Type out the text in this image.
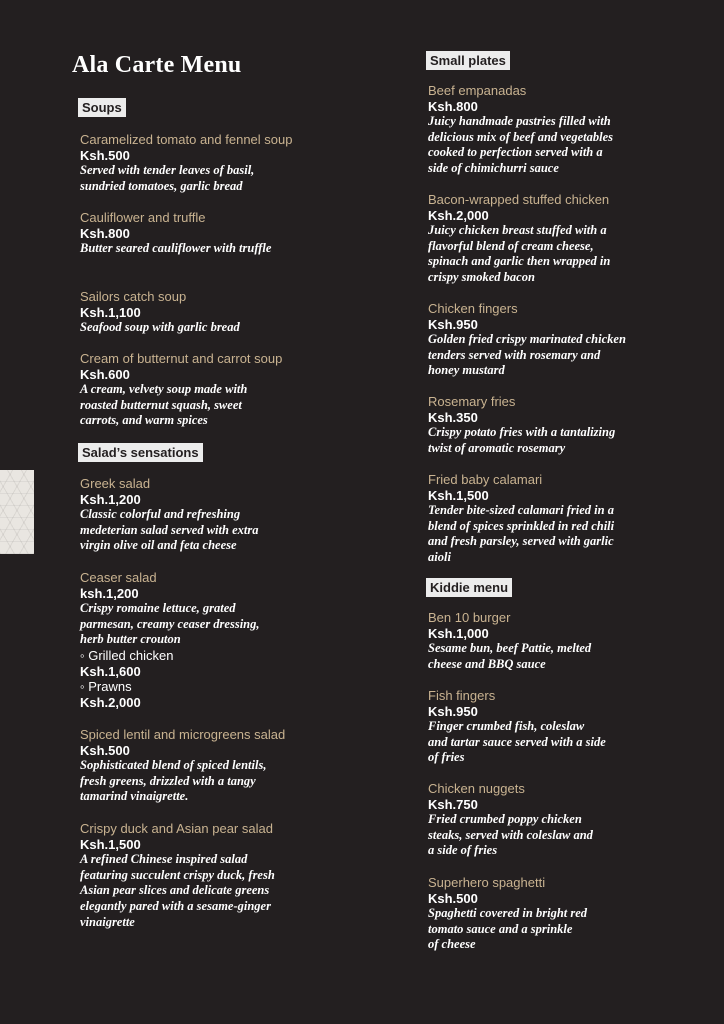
Ala Carte Menu
Soups
Caramelized tomato and fennel soup
Ksh.500
Served with tender leaves of basil,
sundried tomatoes, garlic bread
Cauliflower and truffle
Ksh.800
Butter seared cauliflower with truffle
Sailors catch soup
Ksh.1,100
Seafood soup with garlic bread
Cream of butternut and carrot soup
Ksh.600
A cream, velvety soup made with
roasted butternut squash, sweet
carrots, and warm spices
Salad’s sensations
Greek salad
Ksh.1,200
Classic colorful and refreshing
medeterian salad served with extra
virgin olive oil and feta cheese
Ceaser salad
ksh.1,200
Crispy romaine lettuce, grated
parmesan, creamy ceaser dressing,
herb butter crouton
◦ Grilled chicken
Ksh.1,600
◦ Prawns
Ksh.2,000
Spiced lentil and microgreens salad
Ksh.500
Sophisticated blend of spiced lentils,
fresh greens, drizzled with a tangy
tamarind vinaigrette.
Crispy duck and Asian pear salad
Ksh.1,500
A refined Chinese inspired salad
featuring succulent crispy duck, fresh
Asian pear slices and delicate greens
elegantly pared with a sesame-ginger
vinaigrette
Small plates
Beef empanadas
Ksh.800
Juicy handmade pastries filled with
delicious mix of beef and vegetables
cooked to perfection served with a
side of chimichurri sauce
Bacon-wrapped stuffed chicken
Ksh.2,000
Juicy chicken breast stuffed with a
flavorful blend of cream cheese,
spinach and garlic then wrapped in
crispy smoked bacon
Chicken fingers
Ksh.950
Golden fried crispy marinated chicken
tenders served with rosemary and
honey mustard
Rosemary fries
Ksh.350
Crispy potato fries with a tantalizing
twist of aromatic rosemary
Fried baby calamari
Ksh.1,500
Tender bite-sized calamari fried in a
blend of spices sprinkled in red chili
and fresh parsley, served with garlic
aioli
Kiddie menu
Ben 10 burger
Ksh.1,000
Sesame bun, beef Pattie, melted
cheese and BBQ sauce
Fish fingers
Ksh.950
Finger crumbed fish, coleslaw
and tartar sauce served with a side
of fries
Chicken nuggets
Ksh.750
Fried crumbed poppy chicken
steaks, served with coleslaw and
a side of fries
Superhero spaghetti
Ksh.500
Spaghetti covered in bright red
tomato sauce and a sprinkle
of cheese
